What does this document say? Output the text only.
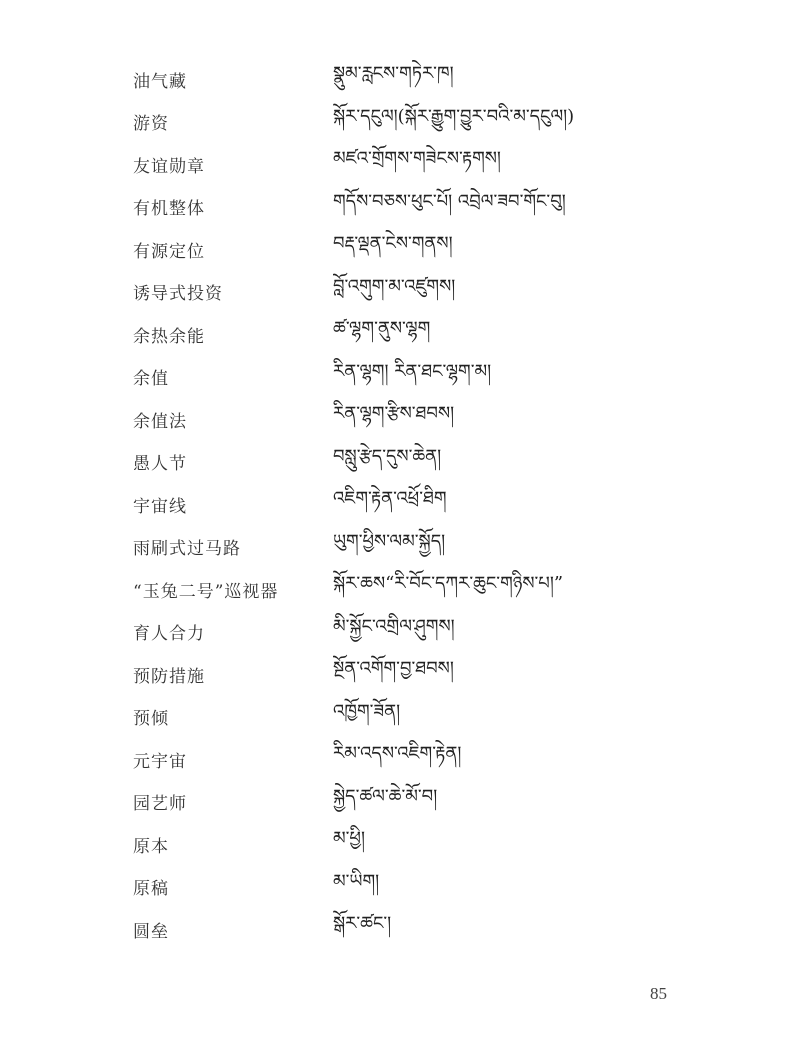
油气藏	སྣུམ་རླངས་གཏེར་ཁ།
游资	སྐོར་དངུལ།(སྐོར་རྒྱུག་བྱུར་བའི་མ་དངུལ།)
友谊勋章	མཛའ་གྲོགས་གཟེངས་རྟགས།
有机整体	གདོས་བཅས་ཕུང་པོ། འབྲེལ་ཟབ་གོང་བུ།
有源定位	བརྡ་ལྡན་ངེས་གནས།
诱导式投资	བློ་འགུག་མ་འཛུགས།
余热余能	ཚ་ལྷག་ནུས་ལྷག
余值	རིན་ལྷག། རིན་ཐང་ལྷག་མ།
余值法	རིན་ལྷག་རྩིས་ཐབས།
愚人节	བསླུ་རྩེད་དུས་ཆེན།
宇宙线	འཇིག་རྟེན་འཕྲོ་ཐིག
雨刷式过马路	ཡུག་ཕྱིས་ལམ་སྐྱོད།
“玉兔二号”巡视器	སྐོར་ཆས“རི་བོང་དཀར་ཆུང་གཉིས་པ།”
育人合力	མི་སྐྱོང་འགྲིལ་ཤུགས།
预防措施	སྔོན་འགོག་བྱ་ཐབས།
预倾	འཁྱོག་ཟོན།
元宇宙	རིམ་འདས་འཇིག་རྟེན།
园艺师	སྐྱེད་ཚལ་ཆེ་མོ་བ།
原本	མ་ཕྱི།
原稿	མ་ཡིག།
圆垒	སྒོར་ཚང་།
85
